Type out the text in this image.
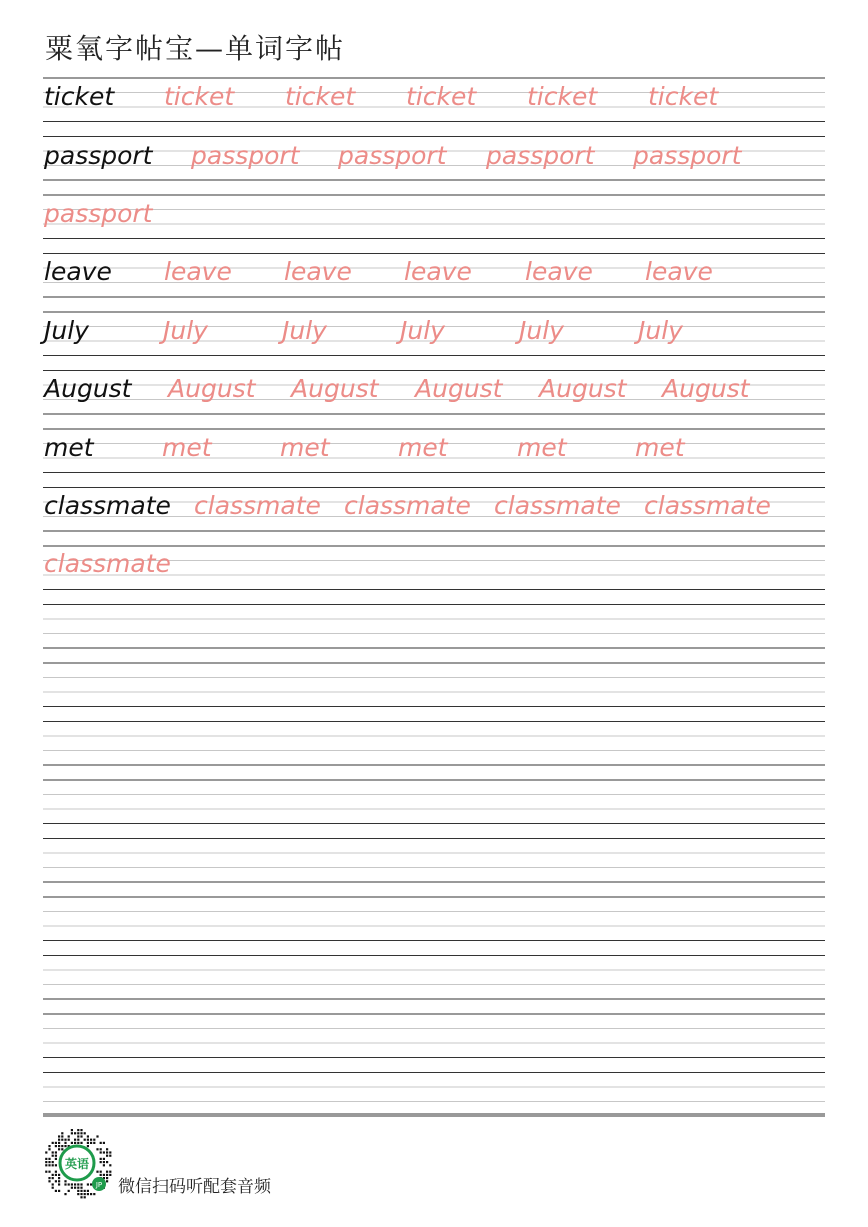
粟氧字帖宝—单词字帖
ticket ticket ticket ticket ticket ticket
passport passport passport passport passport
passport
leave leave leave leave leave leave
July	July	July	July	July	July
August August August August August August
met	met	met	met	met	met
classmate classmate classmate classmate classmate
classmate
英语
JP 微信扫码听配套音频
